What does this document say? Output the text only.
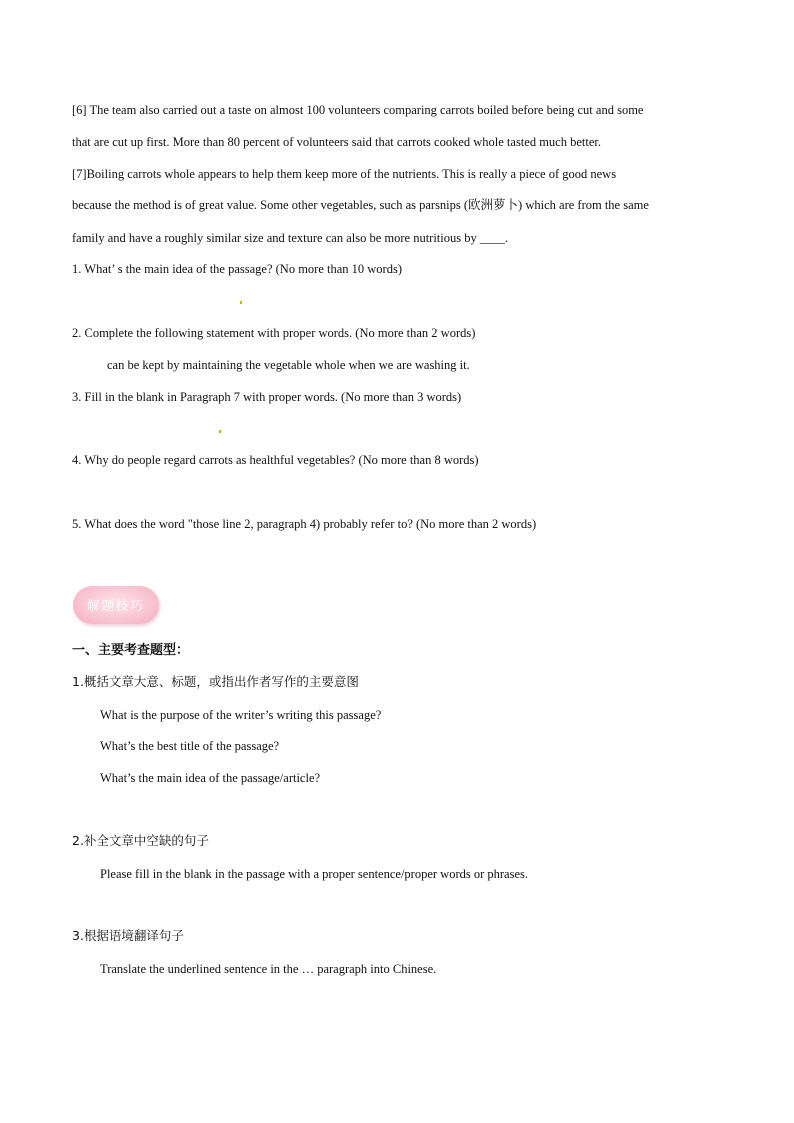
[6] The team also carried out a taste on almost 100 volunteers comparing carrots boiled before being cut and some
that are cut up first. More than 80 percent of volunteers said that carrots cooked whole tasted much better.
[7]Boiling carrots whole appears to help them keep more of the nutrients. This is really a piece of good news
because the method is of great value. Some other vegetables, such as parsnips (欧洲萝卜) which are from the same
family and have a roughly similar size and texture can also be more nutritious by ____.
1. What’ s the main idea of the passage? (No more than 10 words)
2. Complete the following statement with proper words. (No more than 2 words)
can be kept by maintaining the vegetable whole when we are washing it.
3. Fill in the blank in Paragraph 7 with proper words. (No more than 3 words)
4. Why do people regard carrots as healthful vegetables? (No more than 8 words)
5. What does the word "those line 2, paragraph 4) probably refer to? (No more than 2 words)
解题技巧
一、主要考查题型：
1.概括文章大意、标题，或指出作者写作的主要意图
What is the purpose of the writer’s writing this passage?
What’s the best title of the passage?
What’s the main idea of the passage/article?
2.补全文章中空缺的句子
Please fill in the blank in the passage with a proper sentence/proper words or phrases.
3.根据语境翻译句子
Translate the underlined sentence in the … paragraph into Chinese.
